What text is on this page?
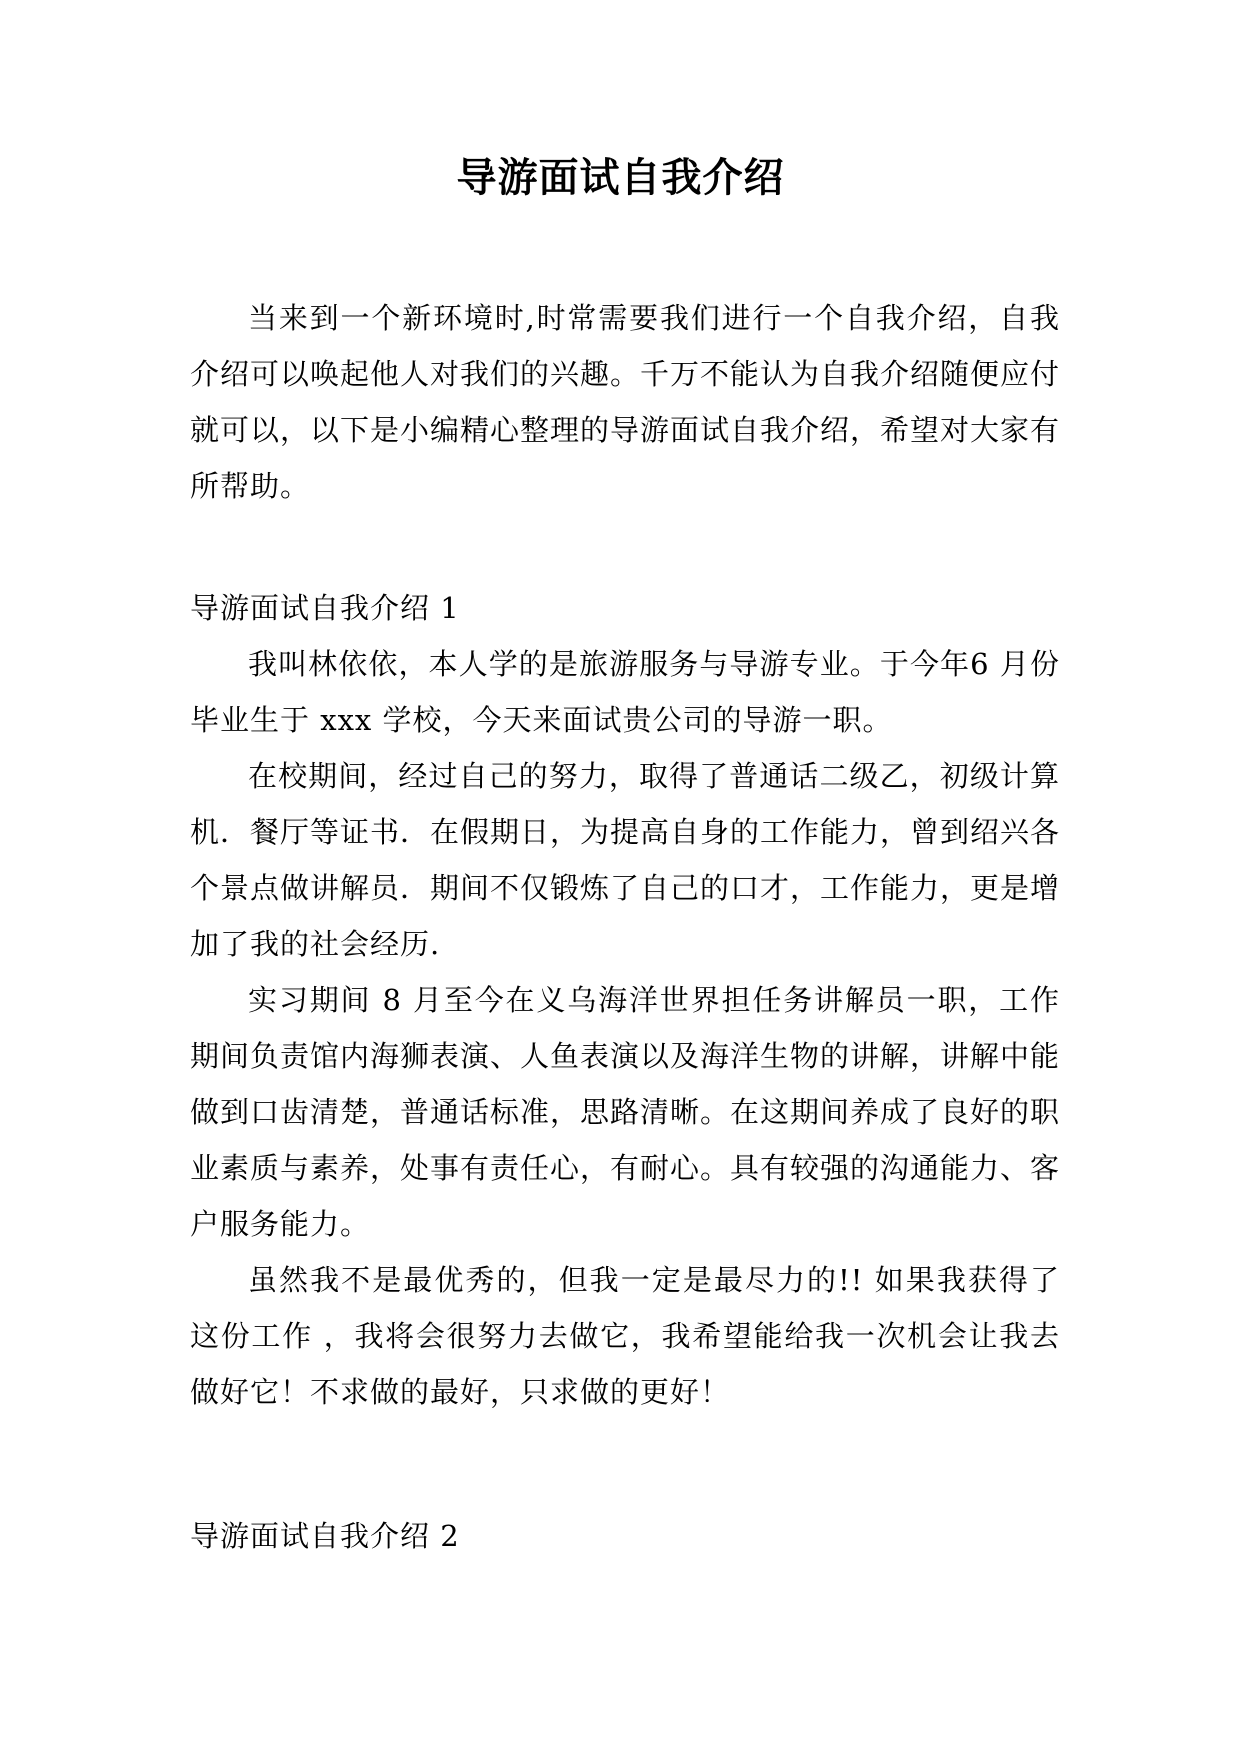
导游面试自我介绍

当来到一个新环境时,时常需要我们进行一个自我介绍，自我介绍可以唤起他人对我们的兴趣。千万不能认为自我介绍随便应付就可以，以下是小编精心整理的导游面试自我介绍，希望对大家有所帮助。

导游面试自我介绍 1

我叫林依依，本人学的是旅游服务与导游专业。于今年6 月份毕业生于 xxx 学校，今天来面试贵公司的导游一职。

在校期间，经过自己的努力，取得了普通话二级乙，初级计算机．餐厅等证书．在假期日，为提高自身的工作能力，曾到绍兴各个景点做讲解员．期间不仅锻炼了自己的口才，工作能力，更是增加了我的社会经历.

实习期间 8 月至今在义乌海洋世界担任务讲解员一职，工作期间负责馆内海狮表演、人鱼表演以及海洋生物的讲解，讲解中能做到口齿清楚，普通话标准，思路清晰。在这期间养成了良好的职业素质与素养，处事有责任心，有耐心。具有较强的沟通能力、客户服务能力。

虽然我不是最优秀的，但我一定是最尽力的!! 如果我获得了这份工作 ，我将会很努力去做它，我希望能给我一次机会让我去做好它！不求做的最好，只求做的更好！

导游面试自我介绍 2
